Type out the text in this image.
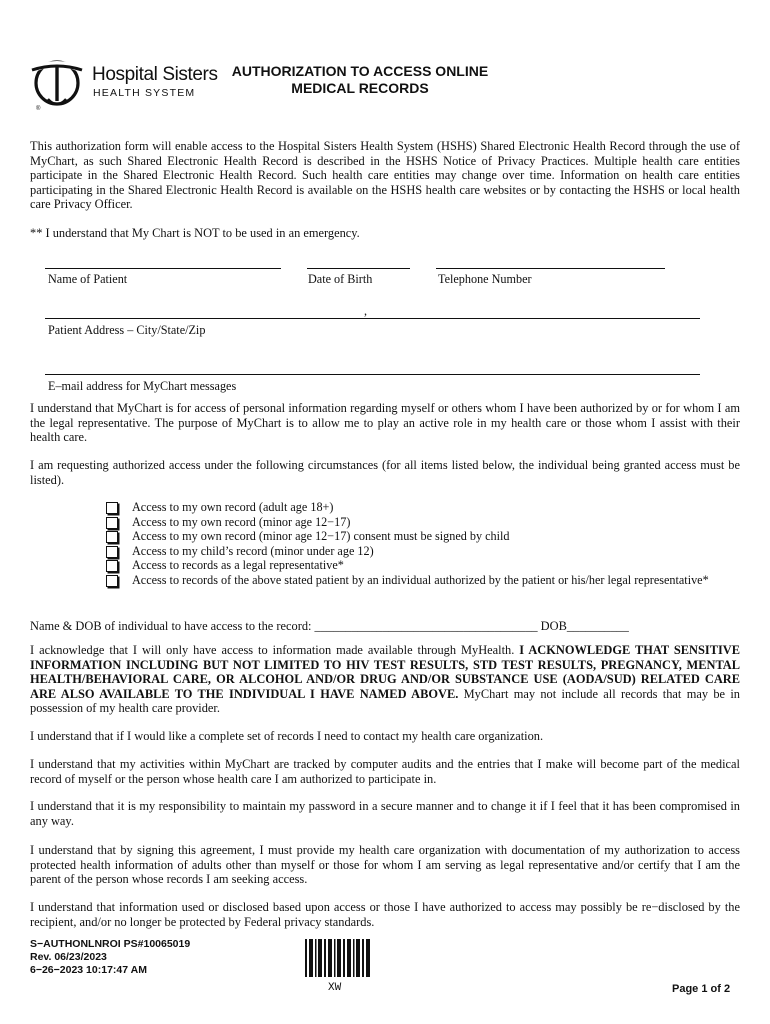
®
Hospital Sisters
HEALTH SYSTEM
AUTHORIZATION TO ACCESS ONLINE
MEDICAL RECORDS
This authorization form will enable access to the Hospital Sisters Health System (HSHS) Shared Electronic Health Record through the use of MyChart, as such Shared Electronic Health Record is described in the HSHS Notice of Privacy Practices. Multiple health care entities participate in the Shared Electronic Health Record. Such health care entities may change over time. Information on health care entities participating in the Shared Electronic Health Record is available on the HSHS health care websites or by contacting the HSHS or local health care Privacy Officer.
** I understand that My Chart is NOT to be used in an emergency.
Name of Patient	Date of Birth	Telephone Number
,
Patient Address – City/State/Zip
E–mail address for MyChart messages
I understand that MyChart is for access of personal information regarding myself or others whom I have been authorized by or for whom I am the legal representative. The purpose of MyChart is to allow me to play an active role in my health care or those whom I assist with their health care.
I am requesting authorized access under the following circumstances (for all items listed below, the individual being granted access must be listed).
Access to my own record (adult age 18+)
Access to my own record (minor age 12−17)
Access to my own record (minor age 12−17) consent must be signed by child
Access to my child’s record (minor under age 12)
Access to records as a legal representative*
Access to records of the above stated patient by an individual authorized by the patient or his/her legal representative*
Name & DOB of individual to have access to the record: ____________________________________ DOB__________
I acknowledge that I will only have access to information made available through MyHealth. I ACKNOWLEDGE THAT SENSITIVE INFORMATION INCLUDING BUT NOT LIMITED TO HIV TEST RESULTS, STD TEST RESULTS, PREGNANCY, MENTAL HEALTH/BEHAVIORAL CARE, OR ALCOHOL AND/OR DRUG AND/OR SUBSTANCE USE (AODA/SUD) RELATED CARE ARE ALSO AVAILABLE TO THE INDIVIDUAL I HAVE NAMED ABOVE. MyChart may not include all records that may be in possession of my health care provider.
I understand that if I would like a complete set of records I need to contact my health care organization.
I understand that my activities within MyChart are tracked by computer audits and the entries that I make will become part of the medical record of myself or the person whose health care I am authorized to participate in.
I understand that it is my responsibility to maintain my password in a secure manner and to change it if I feel that it has been compromised in any way.
I understand that by signing this agreement, I must provide my health care organization with documentation of my authorization to access protected health information of adults other than myself or those for whom I am serving as legal representative and/or certify that I am the parent of the person whose records I am seeking access.
I understand that information used or disclosed based upon access or those I have authorized to access may possibly be re−disclosed by the recipient, and/or no longer be protected by Federal privacy standards.
S−AUTHONLNROI PS#10065019
Rev. 06/23/2023
6−26−2023 10:17:47 AM
XW	Page 1 of 2
